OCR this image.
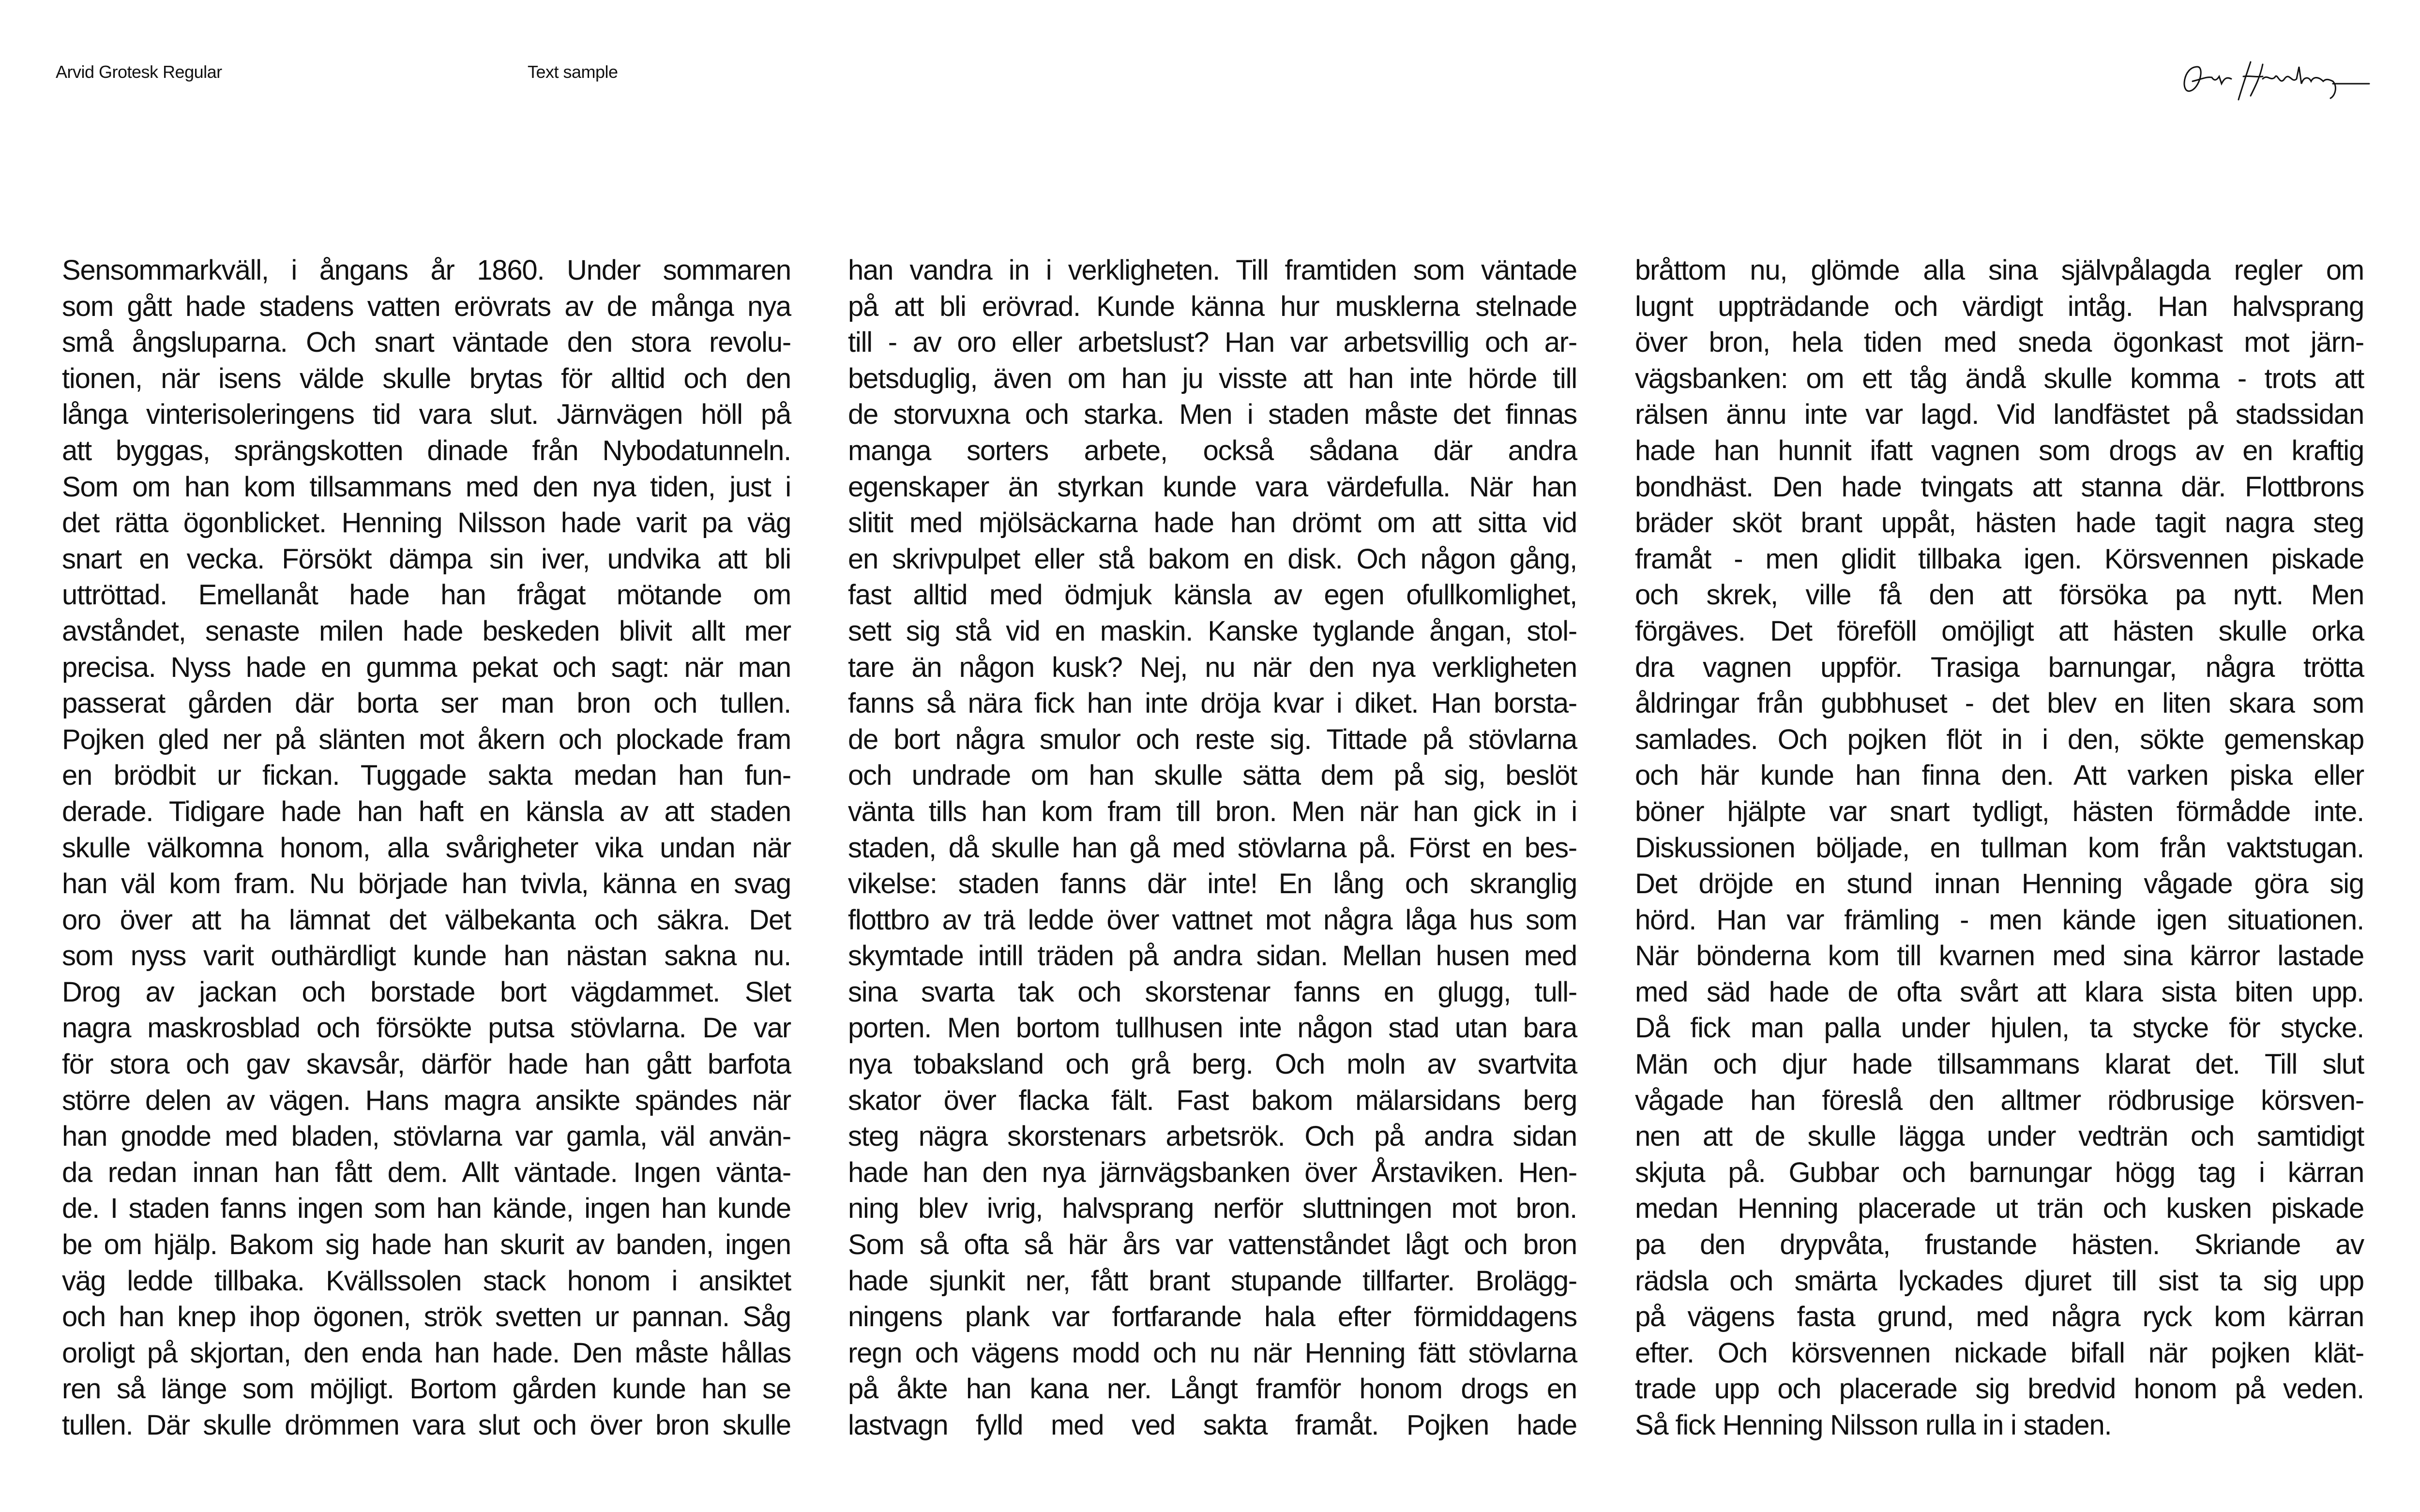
Arvid Grotesk Regular	Text sample
Sensommarkväll, i ångans år 1860. Under sommaren
som gått hade stadens vatten erövrats av de många nya
små ångsluparna. Och snart väntade den stora revolu-
tionen, när isens välde skulle brytas för alltid och den
långa vinterisoleringens tid vara slut. Järnvägen höll på
att byggas, sprängskotten dinade från Nybodatunneln.
Som om han kom tillsammans med den nya tiden, just i
det rätta ögonblicket. Henning Nilsson hade varit pa väg
snart en vecka. Försökt dämpa sin iver, undvika att bli
uttröttad. Emellanåt hade han frågat mötande om
avståndet, senaste milen hade beskeden blivit allt mer
precisa. Nyss hade en gumma pekat och sagt: när man
passerat gården där borta ser man bron och tullen.
Pojken gled ner på slänten mot åkern och plockade fram
en brödbit ur fickan. Tuggade sakta medan han fun-
derade. Tidigare hade han haft en känsla av att staden
skulle välkomna honom, alla svårigheter vika undan när
han väl kom fram. Nu började han tvivla, känna en svag
oro över att ha lämnat det välbekanta och säkra. Det
som nyss varit outhärdligt kunde han nästan sakna nu.
Drog av jackan och borstade bort vägdammet. Slet
nagra maskrosblad och försökte putsa stövlarna. De var
för stora och gav skavsår, därför hade han gått barfota
större delen av vägen. Hans magra ansikte spändes när
han gnodde med bladen, stövlarna var gamla, väl använ-
da redan innan han fått dem. Allt väntade. Ingen vänta-
de. I staden fanns ingen som han kände, ingen han kunde
be om hjälp. Bakom sig hade han skurit av banden, ingen
väg ledde tillbaka. Kvällssolen stack honom i ansiktet
och han knep ihop ögonen, strök svetten ur pannan. Såg
oroligt på skjortan, den enda han hade. Den måste hållas
ren så länge som möjligt. Bortom gården kunde han se
tullen. Där skulle drömmen vara slut och över bron skulle
han vandra in i verkligheten. Till framtiden som väntade
på att bli erövrad. Kunde känna hur musklerna stelnade
till - av oro eller arbetslust? Han var arbetsvillig och ar-
betsduglig, även om han ju visste att han inte hörde till
de storvuxna och starka. Men i staden måste det finnas
manga sorters arbete, också sådana där andra
egenskaper än styrkan kunde vara värdefulla. När han
slitit med mjölsäckarna hade han drömt om att sitta vid
en skrivpulpet eller stå bakom en disk. Och någon gång,
fast alltid med ödmjuk känsla av egen ofullkomlighet,
sett sig stå vid en maskin. Kanske tyglande ångan, stol-
tare än någon kusk? Nej, nu när den nya verkligheten
fanns så nära fick han inte dröja kvar i diket. Han borsta-
de bort några smulor och reste sig. Tittade på stövlarna
och undrade om han skulle sätta dem på sig, beslöt
vänta tills han kom fram till bron. Men när han gick in i
staden, då skulle han gå med stövlarna på. Först en bes-
vikelse: staden fanns där inte! En lång och skranglig
flottbro av trä ledde över vattnet mot några låga hus som
skymtade intill träden på andra sidan. Mellan husen med
sina svarta tak och skorstenar fanns en glugg, tull-
porten. Men bortom tullhusen inte någon stad utan bara
nya tobaksland och grå berg. Och moln av svartvita
skator över flacka fält. Fast bakom mälarsidans berg
steg nägra skorstenars arbetsrök. Och på andra sidan
hade han den nya järnvägsbanken över Årstaviken. Hen-
ning blev ivrig, halvsprang nerför sluttningen mot bron.
Som så ofta så här års var vattenståndet lågt och bron
hade sjunkit ner, fått brant stupande tillfarter. Brolägg-
ningens plank var fortfarande hala efter förmiddagens
regn och vägens modd och nu när Henning fätt stövlarna
på åkte han kana ner. Långt framför honom drogs en
lastvagn fylld med ved sakta framåt. Pojken hade
bråttom nu, glömde alla sina självpålagda regler om
lugnt uppträdande och värdigt intåg. Han halvsprang
över bron, hela tiden med sneda ögonkast mot järn-
vägsbanken: om ett tåg ändå skulle komma - trots att
rälsen ännu inte var lagd. Vid landfästet på stadssidan
hade han hunnit ifatt vagnen som drogs av en kraftig
bondhäst. Den hade tvingats att stanna där. Flottbrons
bräder sköt brant uppåt, hästen hade tagit nagra steg
framåt - men glidit tillbaka igen. Körsvennen piskade
och skrek, ville få den att försöka pa nytt. Men
förgäves. Det föreföll omöjligt att hästen skulle orka
dra vagnen uppför. Trasiga barnungar, några trötta
åldringar från gubbhuset - det blev en liten skara som
samlades. Och pojken flöt in i den, sökte gemenskap
och här kunde han finna den. Att varken piska eller
böner hjälpte var snart tydligt, hästen förmådde inte.
Diskussionen böljade, en tullman kom från vaktstugan.
Det dröjde en stund innan Henning vågade göra sig
hörd. Han var främling - men kände igen situationen.
När bönderna kom till kvarnen med sina kärror lastade
med säd hade de ofta svårt att klara sista biten upp.
Då fick man palla under hjulen, ta stycke för stycke.
Män och djur hade tillsammans klarat det. Till slut
vågade han föreslå den alltmer rödbrusige körsven-
nen att de skulle lägga under vedträn och samtidigt
skjuta på. Gubbar och barnungar högg tag i kärran
medan Henning placerade ut trän och kusken piskade
pa den drypvåta, frustande hästen. Skriande av
rädsla och smärta lyckades djuret till sist ta sig upp
på vägens fasta grund, med några ryck kom kärran
efter. Och körsvennen nickade bifall när pojken klät-
trade upp och placerade sig bredvid honom på veden.
Så fick Henning Nilsson rulla in i staden.
